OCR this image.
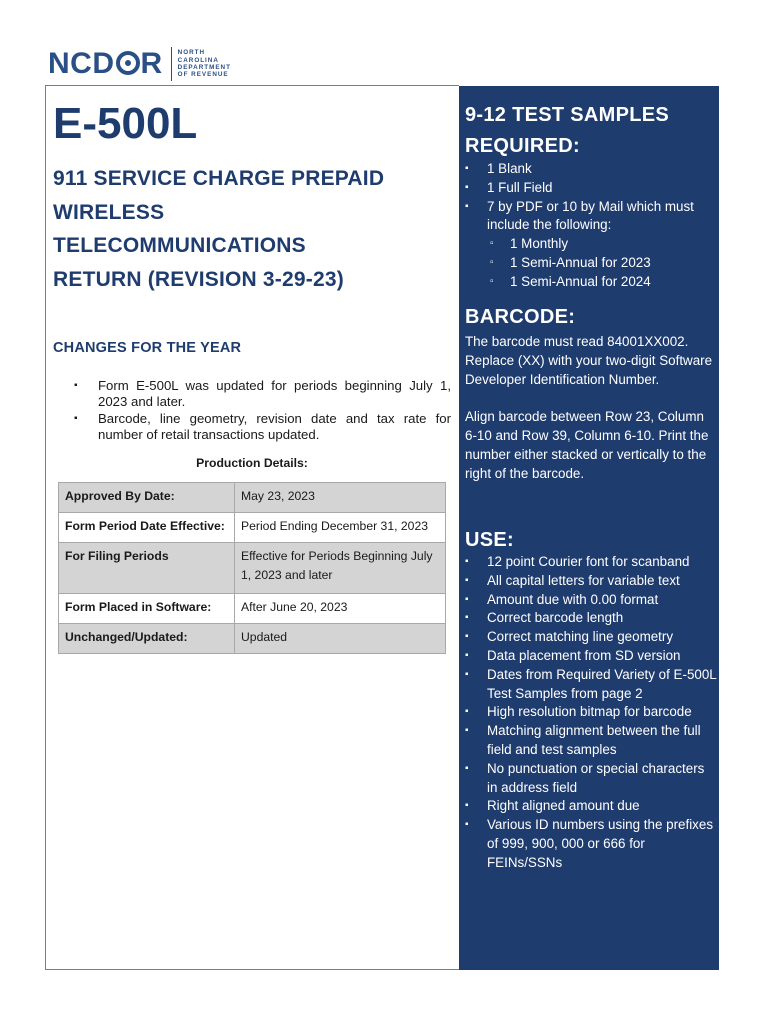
NCD R NORTH
CAROLINA
DEPARTMENT
OF REVENUE
E-500L
911 SERVICE CHARGE PREPAID
WIRELESS
TELECOMMUNICATIONS
RETURN (REVISION 3-29-23)
CHANGES FOR THE YEAR
▪ Form E-500L was updated for periods beginning July 1, 2023 and later.
▪ Barcode, line geometry, revision date and tax rate for number of retail transactions updated.
Production Details:
Approved By Date:	May 23, 2023
Form Period Date Effective:	Period Ending December 31, 2023
For Filing Periods	Effective for Periods Beginning July 1, 2023 and later
Form Placed in Software:	After June 20, 2023
Unchanged/Updated:	Updated
9-12 TEST SAMPLES
REQUIRED:
▪ 1 Blank
▪ 1 Full Field
▪ 7 by PDF or 10 by Mail which must include the following:
▫ 1 Monthly
▫ 1 Semi-Annual for 2023
▫ 1 Semi-Annual for 2024
BARCODE:

The barcode must read 84001XX002. Replace (XX) with your two-digit Software Developer Identification Number.

Align barcode between Row 23, Column 6-10 and Row 39, Column 6-10. Print the number either stacked or vertically to the right of the barcode.

USE:
▪ 12 point Courier font for scanband
▪ All capital letters for variable text
▪ Amount due with 0.00 format
▪ Correct barcode length
▪ Correct matching line geometry
▪ Data placement from SD version
▪ Dates from Required Variety of E-500L Test Samples from page 2
▪ High resolution bitmap for barcode
▪ Matching alignment between the full field and test samples
▪ No punctuation or special characters in address field
▪ Right aligned amount due
▪ Various ID numbers using the prefixes of 999, 900, 000 or 666 for FEINs/SSNs
